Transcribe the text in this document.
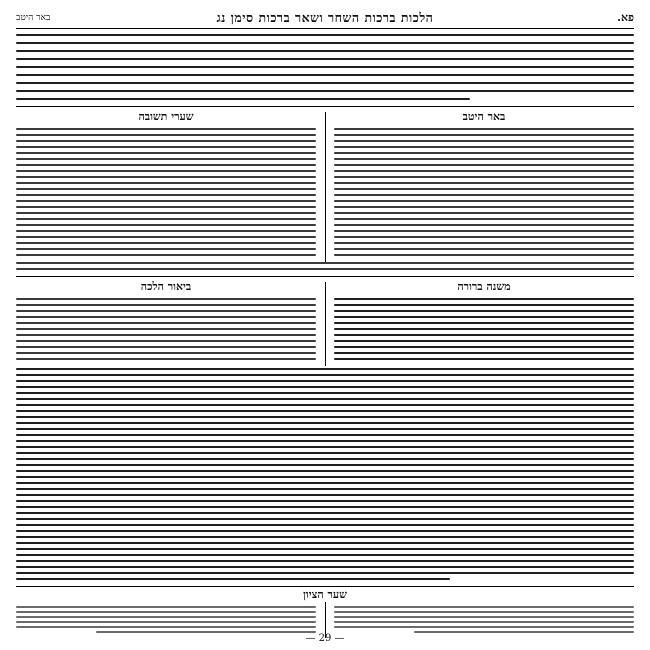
פא.
הלכות ברכות השחר ושאר ברכות סימן נג
באר היטב
באר היטב
שערי תשובה
משנה ברורה
ביאור הלכה
שער הציון
— 29 —
